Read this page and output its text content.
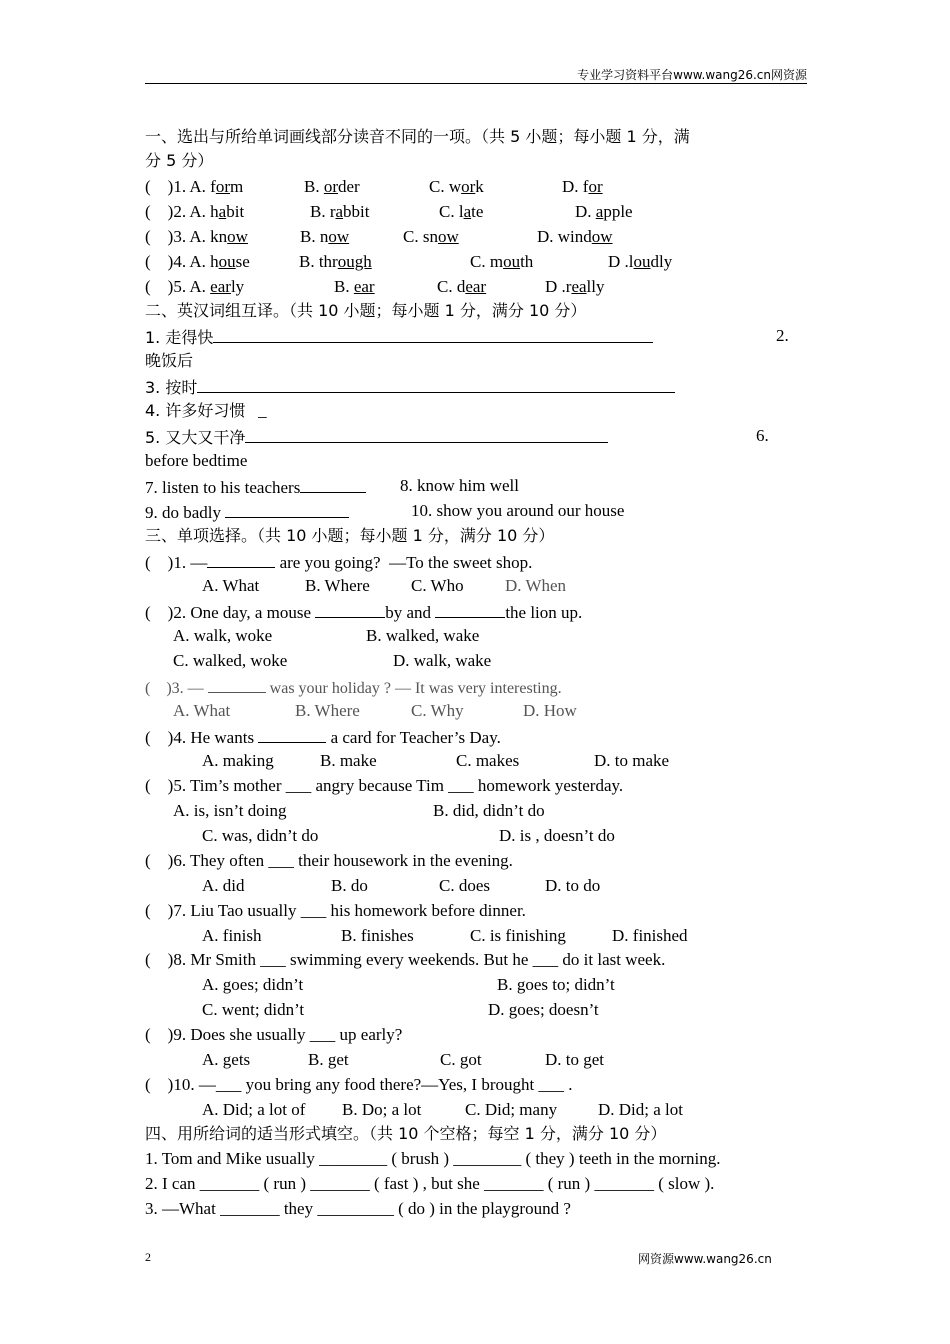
专业学习资料平台www.wang26.cn网资源
2	网资源www.wang26.cn
一、选出与所给单词画线部分读音不同的一项。（共 5 小题；每小题 1 分，满
分 5 分）
(    )1. A. form	B. order	C. work	D. for
(    )2. A. habit	B. rabbit	C. late	D. apple
(    )3. A. know	B. now	C. snow	D. window
(    )4. A. house	B. through	C. mouth	D .loudly
(    )5. A. early	B. ear	C. dear	D .really
二、英汉词组互译。（共 10 小题；每小题 1 分，满分 10 分）
1. 走得快	2.
晚饭后
3. 按时
4. 许多好习惯 _
5. 又大又干净	6.
before bedtime
7. listen to his teachers	8. know him well
9. do badly	10. show you around our house
三、单项选择。（共 10 小题；每小题 1 分，满分 10 分）
(    )1. —	are you going?  —To the sweet shop.
A. What	B. Where C. Who D. When
(    )2. One day, a mouse	by and	the lion up.
A. walk, woke	B. walked, wake
C. walked, woke	D. walk, wake
(    )3. —	was your holiday ? — It was very interesting.
A. What	B. Where	C. Why	D. How
(    )4. He wants	a card for Teacher’s Day.
A. making	B. make	C. makes	D. to make
(    )5. Tim’s mother ___ angry because Tim ___ homework yesterday.
A. is, isn’t doing	B. did, didn’t do
C. was, didn’t do	D. is , doesn’t do
(    )6. They often ___ their housework in the evening.
A. did	B. do	C. does	D. to do
(    )7. Liu Tao usually ___ his homework before dinner.
A. finish	B. finishes	C. is finishing	D. finished
(    )8. Mr Smith ___ swimming every weekends. But he ___ do it last week.
A. goes; didn’t	B. goes to; didn’t
C. went; didn’t	D. goes; doesn’t
(    )9. Does she usually ___ up early?
A. gets	B. get	C. got	D. to get
(    )10. —___ you bring any food there?—Yes, I brought ___ .
A. Did; a lot of B. Do; a lot	C. Did; many D. Did; a lot
四、用所给词的适当形式填空。（共 10 个空格；每空 1 分，满分 10 分）
1. Tom and Mike usually ________ ( brush ) ________ ( they ) teeth in the morning.
2. I can _______ ( run ) _______ ( fast ) , but she _______ ( run ) _______ ( slow ).
3. —What _______ they _________ ( do ) in the playground ?
